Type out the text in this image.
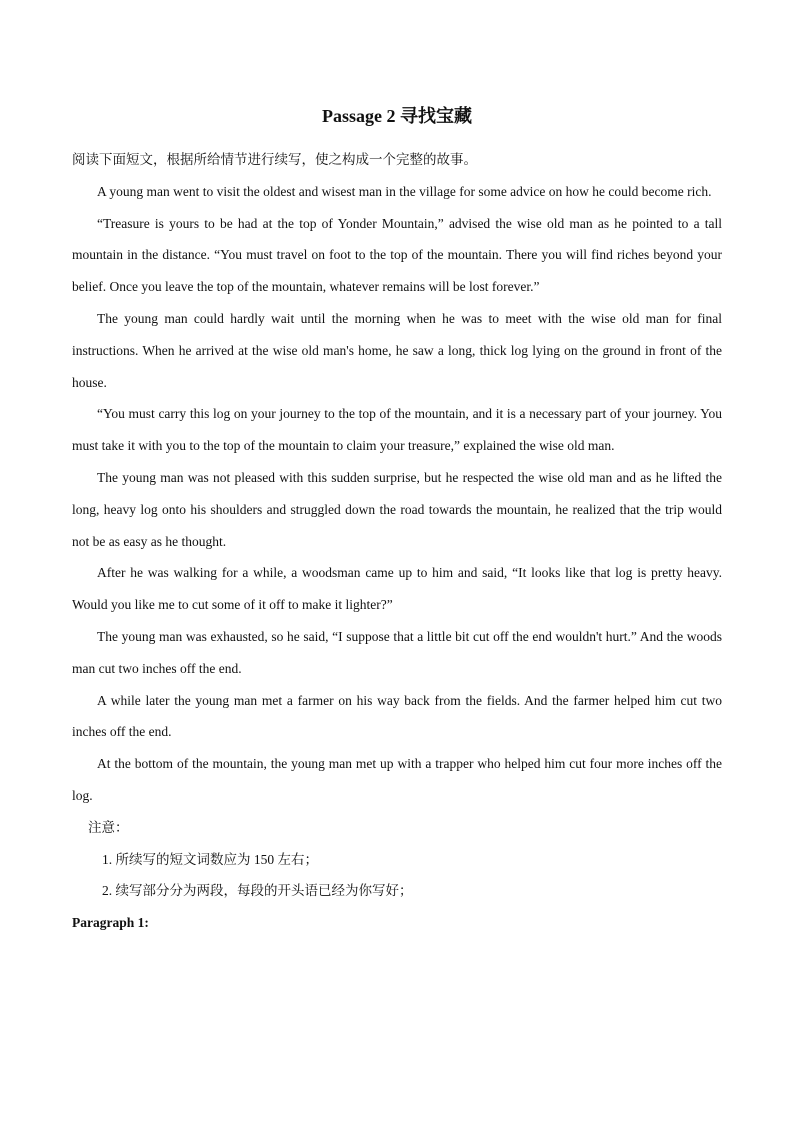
Passage 2 寻找宝藏

阅读下面短文，根据所给情节进行续写，使之构成一个完整的故事。

A young man went to visit the oldest and wisest man in the village for some advice on how he could become rich.

“Treasure is yours to be had at the top of Yonder Mountain,” advised the wise old man as he pointed to a tall mountain in the distance. “You must travel on foot to the top of the mountain. There you will find riches beyond your belief. Once you leave the top of the mountain, whatever remains will be lost forever.”

The young man could hardly wait until the morning when he was to meet with the wise old man for final instructions. When he arrived at the wise old man's home, he saw a long, thick log lying on the ground in front of the house.

“You must carry this log on your journey to the top of the mountain, and it is a necessary part of your journey. You must take it with you to the top of the mountain to claim your treasure,” explained the wise old man.

The young man was not pleased with this sudden surprise, but he respected the wise old man and as he lifted the long, heavy log onto his shoulders and struggled down the road towards the mountain, he realized that the trip would not be as easy as he thought.

After he was walking for a while, a woodsman came up to him and said, “It looks like that log is pretty heavy. Would you like me to cut some of it off to make it lighter?”

The young man was exhausted, so he said, “I suppose that a little bit cut off the end wouldn't hurt.” And the woods man cut two inches off the end.

A while later the young man met a farmer on his way back from the fields. And the farmer helped him cut two inches off the end.

At the bottom of the mountain, the young man met up with a trapper who helped him cut four more inches off the log.

注意：

1. 所续写的短文词数应为 150 左右；

2. 续写部分分为两段，每段的开头语已经为你写好；

Paragraph 1:
